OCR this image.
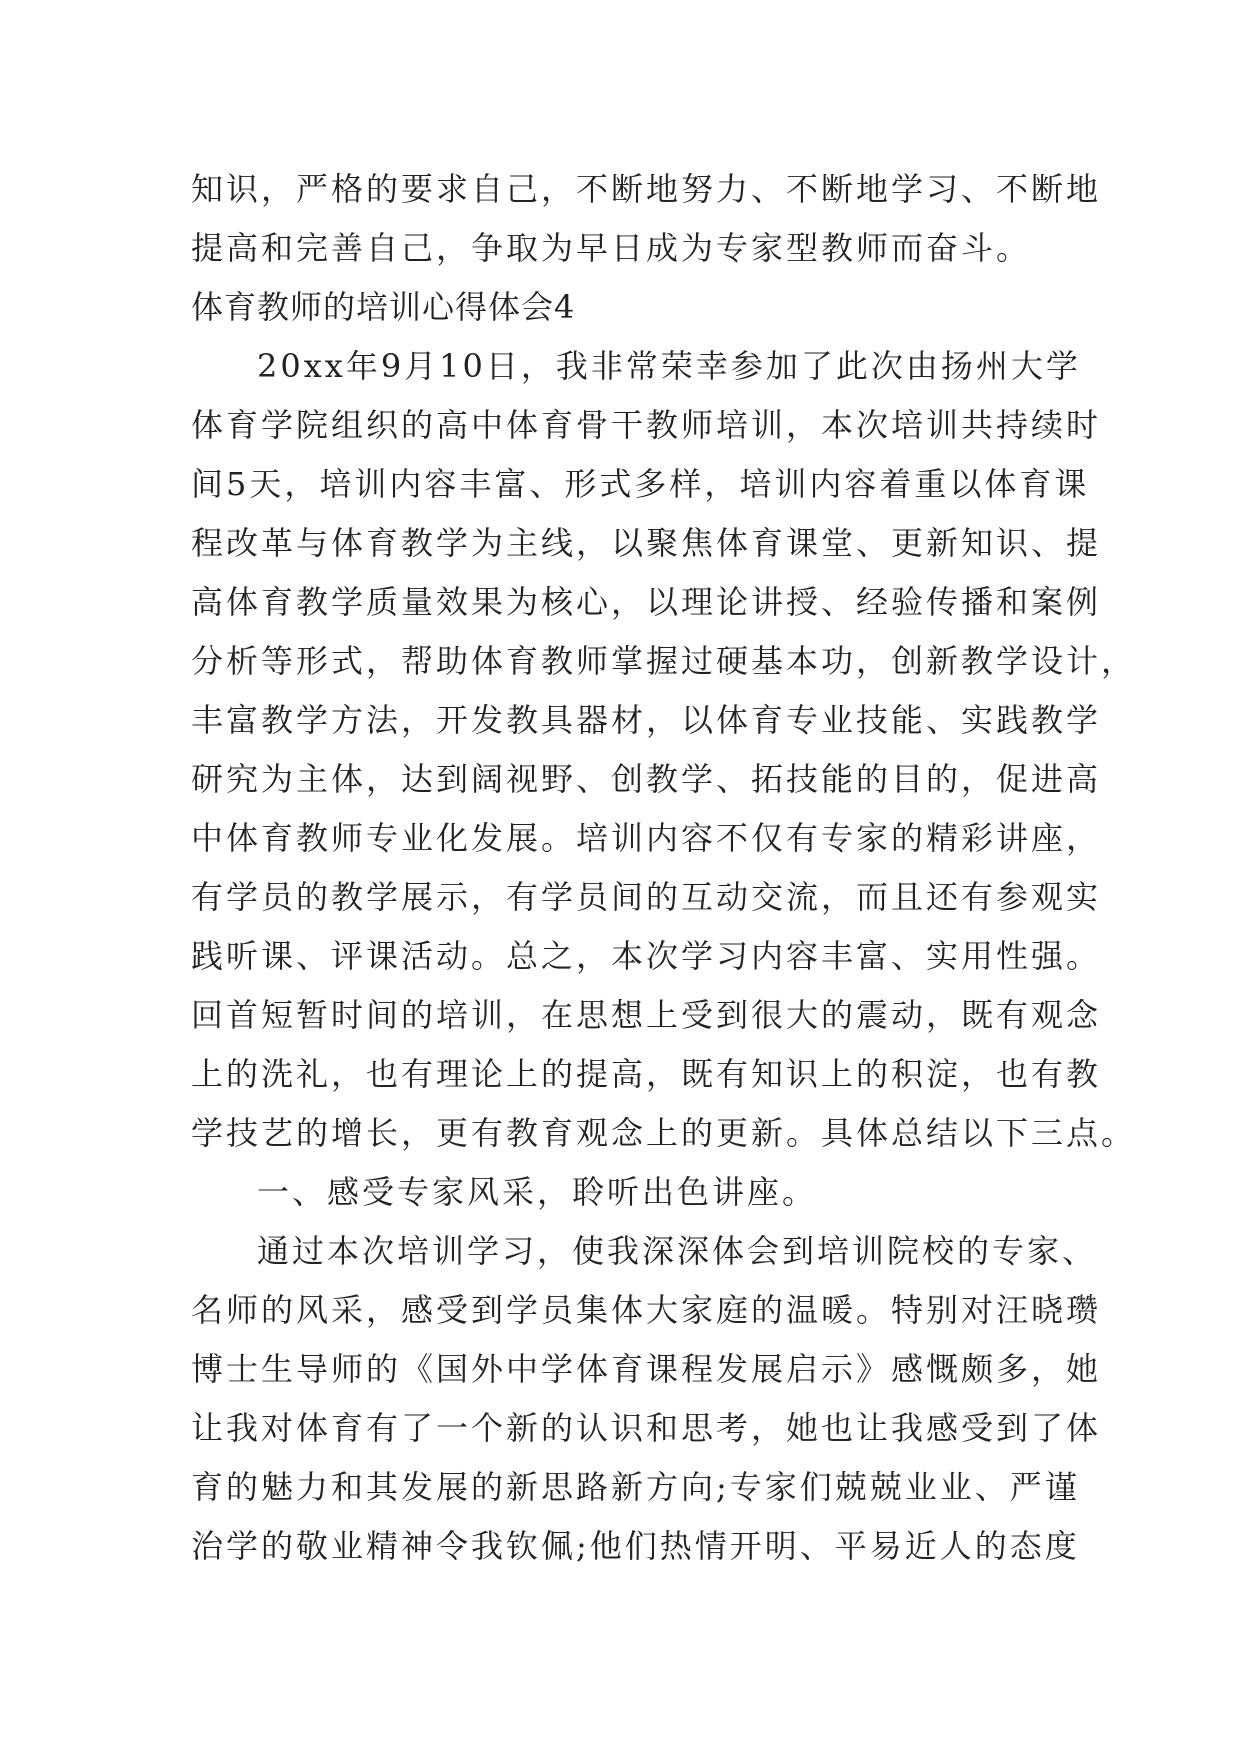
知识，严格的要求自己，不断地努力、不断地学习、不断地
提高和完善自己，争取为早日成为专家型教师而奋斗。
体育教师的培训心得体会4
20xx年9月10日，我非常荣幸参加了此次由扬州大学
体育学院组织的高中体育骨干教师培训，本次培训共持续时
间5天，培训内容丰富、形式多样，培训内容着重以体育课
程改革与体育教学为主线，以聚焦体育课堂、更新知识、提
高体育教学质量效果为核心，以理论讲授、经验传播和案例
分析等形式，帮助体育教师掌握过硬基本功，创新教学设计，
丰富教学方法，开发教具器材，以体育专业技能、实践教学
研究为主体，达到阔视野、创教学、拓技能的目的，促进高
中体育教师专业化发展。培训内容不仅有专家的精彩讲座，
有学员的教学展示，有学员间的互动交流，而且还有参观实
践听课、评课活动。总之，本次学习内容丰富、实用性强。
回首短暂时间的培训，在思想上受到很大的震动，既有观念
上的洗礼，也有理论上的提高，既有知识上的积淀，也有教
学技艺的增长，更有教育观念上的更新。具体总结以下三点。
一、感受专家风采，聆听出色讲座。
通过本次培训学习，使我深深体会到培训院校的专家、
名师的风采，感受到学员集体大家庭的温暖。特别对汪晓瓒
博士生导师的《国外中学体育课程发展启示》感慨颇多，她
让我对体育有了一个新的认识和思考，她也让我感受到了体
育的魅力和其发展的新思路新方向;专家们兢兢业业、严谨
治学的敬业精神令我钦佩;他们热情开明、平易近人的态度
